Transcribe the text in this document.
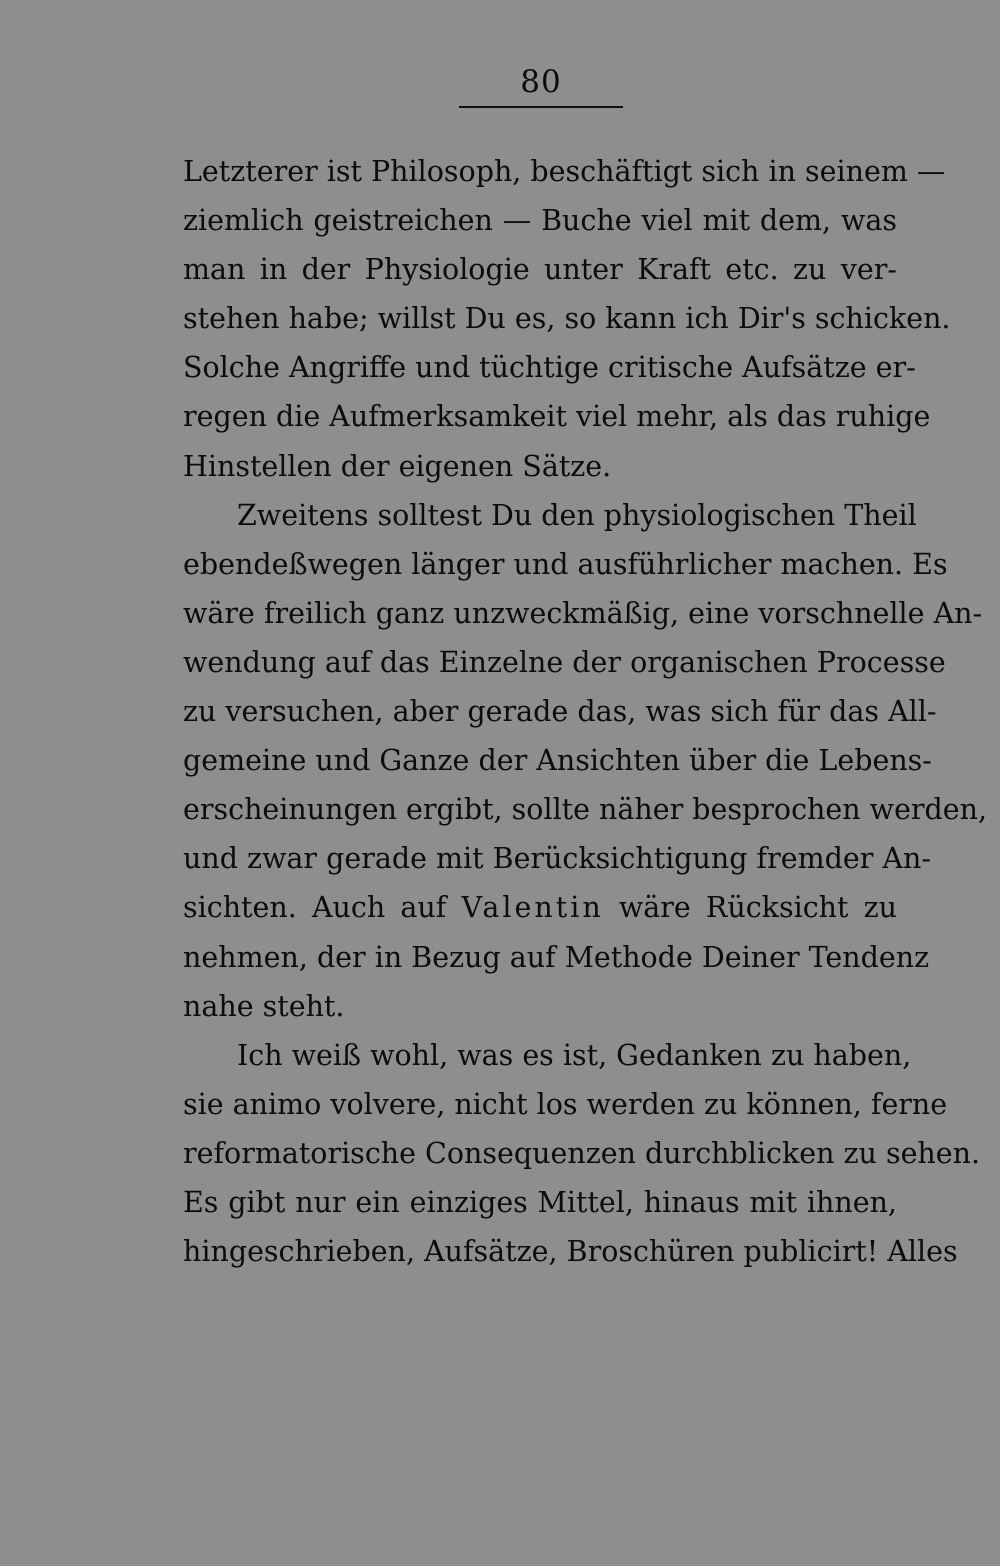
80
Letzterer ist Philosoph, beschäftigt sich in seinem —
ziemlich geistreichen — Buche viel mit dem, was
man in der Physiologie unter Kraft etc. zu ver-
stehen habe; willst Du es, so kann ich Dir's schicken.
Solche Angriffe und tüchtige critische Aufsätze er-
regen die Aufmerksamkeit viel mehr, als das ruhige
Hinstellen der eigenen Sätze.
Zweitens solltest Du den physiologischen Theil
ebendeßwegen länger und ausführlicher machen. Es
wäre freilich ganz unzweckmäßig, eine vorschnelle An-
wendung auf das Einzelne der organischen Processe
zu versuchen, aber gerade das, was sich für das All-
gemeine und Ganze der Ansichten über die Lebens-
erscheinungen ergibt, sollte näher besprochen werden,
und zwar gerade mit Berücksichtigung fremder An-
sichten. Auch auf Valentin wäre Rücksicht zu
nehmen, der in Bezug auf Methode Deiner Tendenz
nahe steht.
Ich weiß wohl, was es ist, Gedanken zu haben,
sie animo volvere, nicht los werden zu können, ferne
reformatorische Consequenzen durchblicken zu sehen.
Es gibt nur ein einziges Mittel, hinaus mit ihnen,
hingeschrieben, Aufsätze, Broschüren publicirt! Alles
